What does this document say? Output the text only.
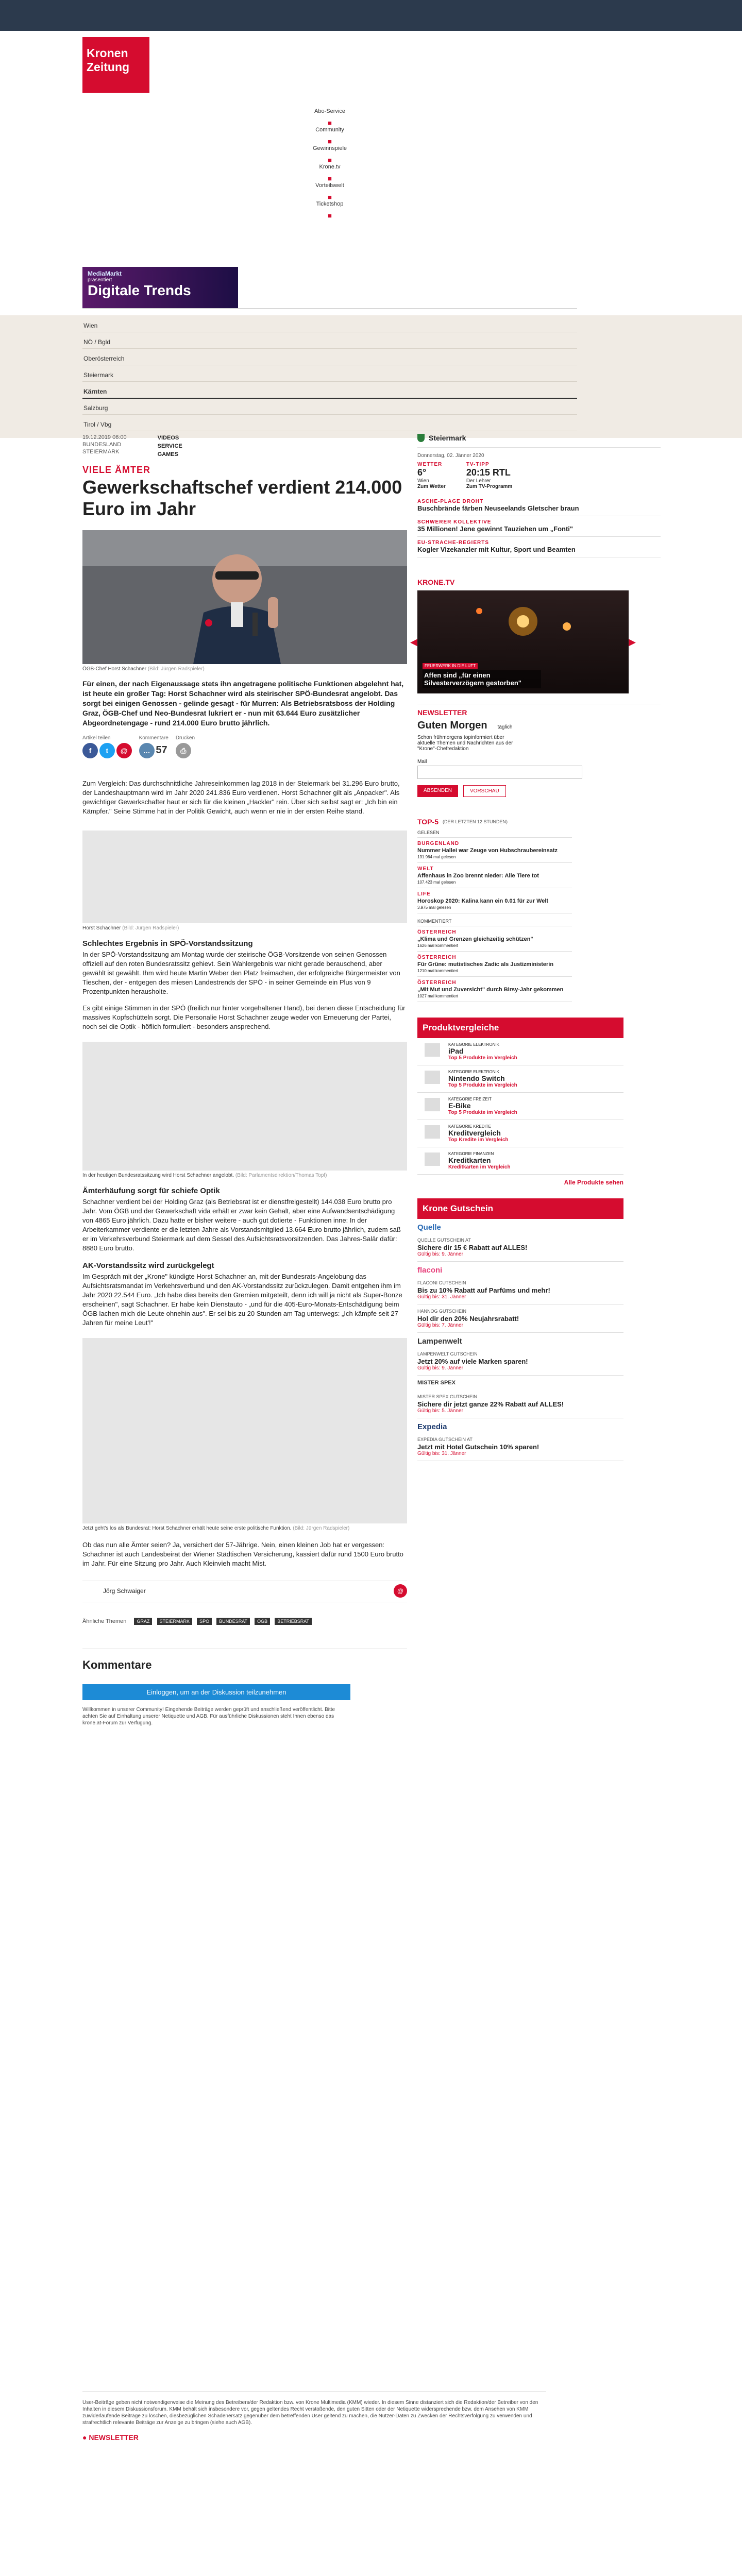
Kronen
Zeitung
Abo-Service
■
Community
■
Gewinnspiele
■
Krone.tv
■
Vorteilswelt
■
Ticketshop
■
MediaMarkt
präsentiert
Digitale Trends
Wien
NÖ / Bgld
Oberösterreich
Steiermark
Kärnten
Salzburg
Tirol / Vbg
19.12.2019 06:00
BUNDESLAND
STEIERMARK
VIDEOS
SERVICE
GAMES
VIELE ÄMTER
Gewerkschaftschef verdient 214.000 Euro im Jahr
ÖGB-Chef Horst Schachner (Bild: Jürgen Radspieler)

Für einen, der nach Eigenaussage stets ihn angetragene politische Funktionen abgelehnt hat, ist heute ein großer Tag: Horst Schachner wird als steirischer SPÖ-Bundesrat angelobt. Das sorgt bei einigen Genossen - gelinde gesagt - für Murren: Als Betriebsratsboss der Holding Graz, ÖGB-Chef und Neo-Bundesrat lukriert er - nun mit 63.644 Euro zusätzlicher Abgeordnetengage - rund 214.000 Euro brutto jährlich.

Artikel teilen
f t @
Kommentare
… 57
Drucken
⎙

Zum Vergleich: Das durchschnittliche Jahreseinkommen lag 2018 in der Steiermark bei 31.296 Euro brutto, der Landeshauptmann wird im Jahr 2020 241.836 Euro verdienen. Horst Schachner gilt als „Anpacker". Als gewichtiger Gewerkschafter haut er sich für die kleinen „Hackler" rein. Über sich selbst sagt er: „Ich bin ein Kämpfer." Seine Stimme hat in der Politik Gewicht, auch wenn er nie in der ersten Reihe stand.

Horst Schachner (Bild: Jürgen Radspieler)
Schlechtes Ergebnis in SPÖ-Vorstandssitzung

In der SPÖ-Vorstandssitzung am Montag wurde der steirische ÖGB-Vorsitzende von seinen Genossen offiziell auf den roten Bundesratssitz gehievt. Sein Wahlergebnis war nicht gerade berauschend, aber gewählt ist gewählt. Ihm wird heute Martin Weber den Platz freimachen, der erfolgreiche Bürgermeister von Tieschen, der - entgegen des miesen Landestrends der SPÖ - in seiner Gemeinde ein Plus von 9 Prozentpunkten herausholte.

Es gibt einige Stimmen in der SPÖ (freilich nur hinter vorgehaltener Hand), bei denen diese Entscheidung für massives Kopfschütteln sorgt. Die Personalie Horst Schachner zeuge weder von Erneuerung der Partei, noch sei die Optik - höflich formuliert - besonders ansprechend.

In der heutigen Bundesratssitzung wird Horst Schachner angelobt. (Bild: Parlamentsdirektion/Thomas Topf)
Ämterhäufung sorgt für schiefe Optik

Schachner verdient bei der Holding Graz (als Betriebsrat ist er dienstfreigestellt) 144.038 Euro brutto pro Jahr. Vom ÖGB und der Gewerkschaft vida erhält er zwar kein Gehalt, aber eine Aufwandsentschädigung von 4865 Euro jährlich. Dazu hatte er bisher weitere - auch gut dotierte - Funktionen inne: In der Arbeiterkammer verdiente er die letzten Jahre als Vorstandsmitglied 13.664 Euro brutto jährlich, zudem saß er im Verkehrsverbund Steiermark auf dem Sessel des Aufsichtsratsvorsitzenden. Das Jahres-Salär dafür: 8880 Euro brutto.

AK-Vorstandssitz wird zurückgelegt

Im Gespräch mit der „Krone" kündigte Horst Schachner an, mit der Bundesrats-Angelobung das Aufsichtsratsmandat im Verkehrsverbund und den AK-Vorstandssitz zurückzulegen. Damit entgehen ihm im Jahr 2020 22.544 Euro. „Ich habe dies bereits den Gremien mitgeteilt, denn ich will ja nicht als Super-Bonze erscheinen", sagt Schachner. Er habe kein Dienstauto - „und für die 405-Euro-Monats-Entschädigung beim ÖGB lachen mich die Leute ohnehin aus". Er sei bis zu 20 Stunden am Tag unterwegs: „Ich kämpfe seit 27 Jahren für meine Leut'!"

Jetzt geht's los als Bundesrat: Horst Schachner erhält heute seine erste politische Funktion. (Bild: Jürgen Radspieler)

Ob das nun alle Ämter seien? Ja, versichert der 57-Jährige. Nein, einen kleinen Job hat er vergessen: Schachner ist auch Landesbeirat der Wiener Städtischen Versicherung, kassiert dafür rund 1500 Euro brutto im Jahr. Für eine Sitzung pro Jahr. Auch Kleinvieh macht Mist.

Jörg Schwaiger	@
Ähnliche Themen GRAZ STEIERMARK SPÖ BUNDESRAT ÖGB BETRIEBSRAT
Kommentare
Einloggen, um an der Diskussion teilzunehmen

Willkommen in unserer Community! Eingehende Beiträge werden geprüft und anschließend veröffentlicht. Bitte achten Sie auf Einhaltung unserer Netiquette und AGB. Für ausführliche Diskussionen steht Ihnen ebenso das krone.at-Forum zur Verfügung.

Steiermark
Donnerstag, 02. Jänner 2020
WETTER
6°
Wien
Zum Wetter
TV-TIPP
20:15 RTL
Der Lehrer
Zum TV-Programm
ASCHE-PLAGE DROHT
Buschbrände färben Neuseelands Gletscher braun
SCHWERER KOLLEKTIVE
35 Millionen! Jene gewinnt Tauziehen um „Fonti"
EU-STRACHE-REGIERTS
Kogler Vizekanzler mit Kultur, Sport und Beamten
KRONE.TV
◀	▶
FEUERWERK IN DIE LUFT
Affen sind „für einen Silvesterverzögern gestorben"
NEWSLETTER
Guten Morgen täglich

Schon frühmorgens topinformiert über aktuelle Themen und Nachrichten aus der "Krone"-Chefredaktion

Mail
ABSENDEN	VORSCHAU
TOP-5 (DER LETZTEN 12 STUNDEN)
GELESEN
BURGENLAND
Nummer Hallei war Zeuge von Hubschraubereinsatz
131.964 mal gelesen
WELT
Affenhaus in Zoo brennt nieder: Alle Tiere tot
107.423 mal gelesen
LIFE
Horoskop 2020: Kalina kann ein 0.01 für zur Welt
3.975 mal gelesen
KOMMENTIERT
ÖSTERREICH
„Klima und Grenzen gleichzeitig schützen"
1626 mal kommentiert
ÖSTERREICH
Für Grüne: mutistisches Zadic als Justizministerin
1210 mal kommentiert
ÖSTERREICH
„Mit Mut und Zuversicht" durch Birsy-Jahr gekommen
1027 mal kommentiert
Produktvergleiche
KATEGORIE ELEKTRONIK
iPad
Top 5 Produkte im Vergleich
KATEGORIE ELEKTRONIK
Nintendo Switch
Top 5 Produkte im Vergleich
KATEGORIE FREIZEIT
E-Bike
Top 5 Produkte im Vergleich
KATEGORIE KREDITE
Kreditvergleich
Top Kredite im Vergleich
KATEGORIE FINANZEN
Kreditkarten
Kreditkarten im Vergleich
Alle Produkte sehen
Krone Gutschein
Quelle
QUELLE GUTSCHEIN AT
Sichere dir 15 € Rabatt auf ALLES!
Gültig bis: 9. Jänner
flaconi
FLACONI GUTSCHEIN
Bis zu 10% Rabatt auf Parfüms und mehr!
Gültig bis: 31. Jänner
HANNOG GUTSCHEIN
Hol dir den 20% Neujahrsrabatt!
Gültig bis: 7. Jänner
Lampenwelt
LAMPENWELT GUTSCHEIN
Jetzt 20% auf viele Marken sparen!
Gültig bis: 9. Jänner
MISTER SPEX
MISTER SPEX GUTSCHEIN
Sichere dir jetzt ganze 22% Rabatt auf ALLES!
Gültig bis: 5. Jänner
Expedia
EXPEDIA GUTSCHEIN AT
Jetzt mit Hotel Gutschein 10% sparen!
Gültig bis: 31. Jänner

User-Beiträge geben nicht notwendigerweise die Meinung des Betreibers/der Redaktion bzw. von Krone Multimedia (KMM) wieder. In diesem Sinne distanziert sich die Redaktion/der Betreiber von den Inhalten in diesem Diskussionsforum. KMM behält sich insbesondere vor, gegen geltendes Recht verstoßende, den guten Sitten oder der Netiquette widersprechende bzw. dem Ansehen von KMM zuwiderlaufende Beiträge zu löschen, diesbezüglichen Schadenersatz gegenüber dem betreffenden User geltend zu machen, die Nutzer-Daten zu Zwecken der Rechtsverfolgung zu verwenden und strafrechtlich relevante Beiträge zur Anzeige zu bringen (siehe auch AGB).

● NEWSLETTER
